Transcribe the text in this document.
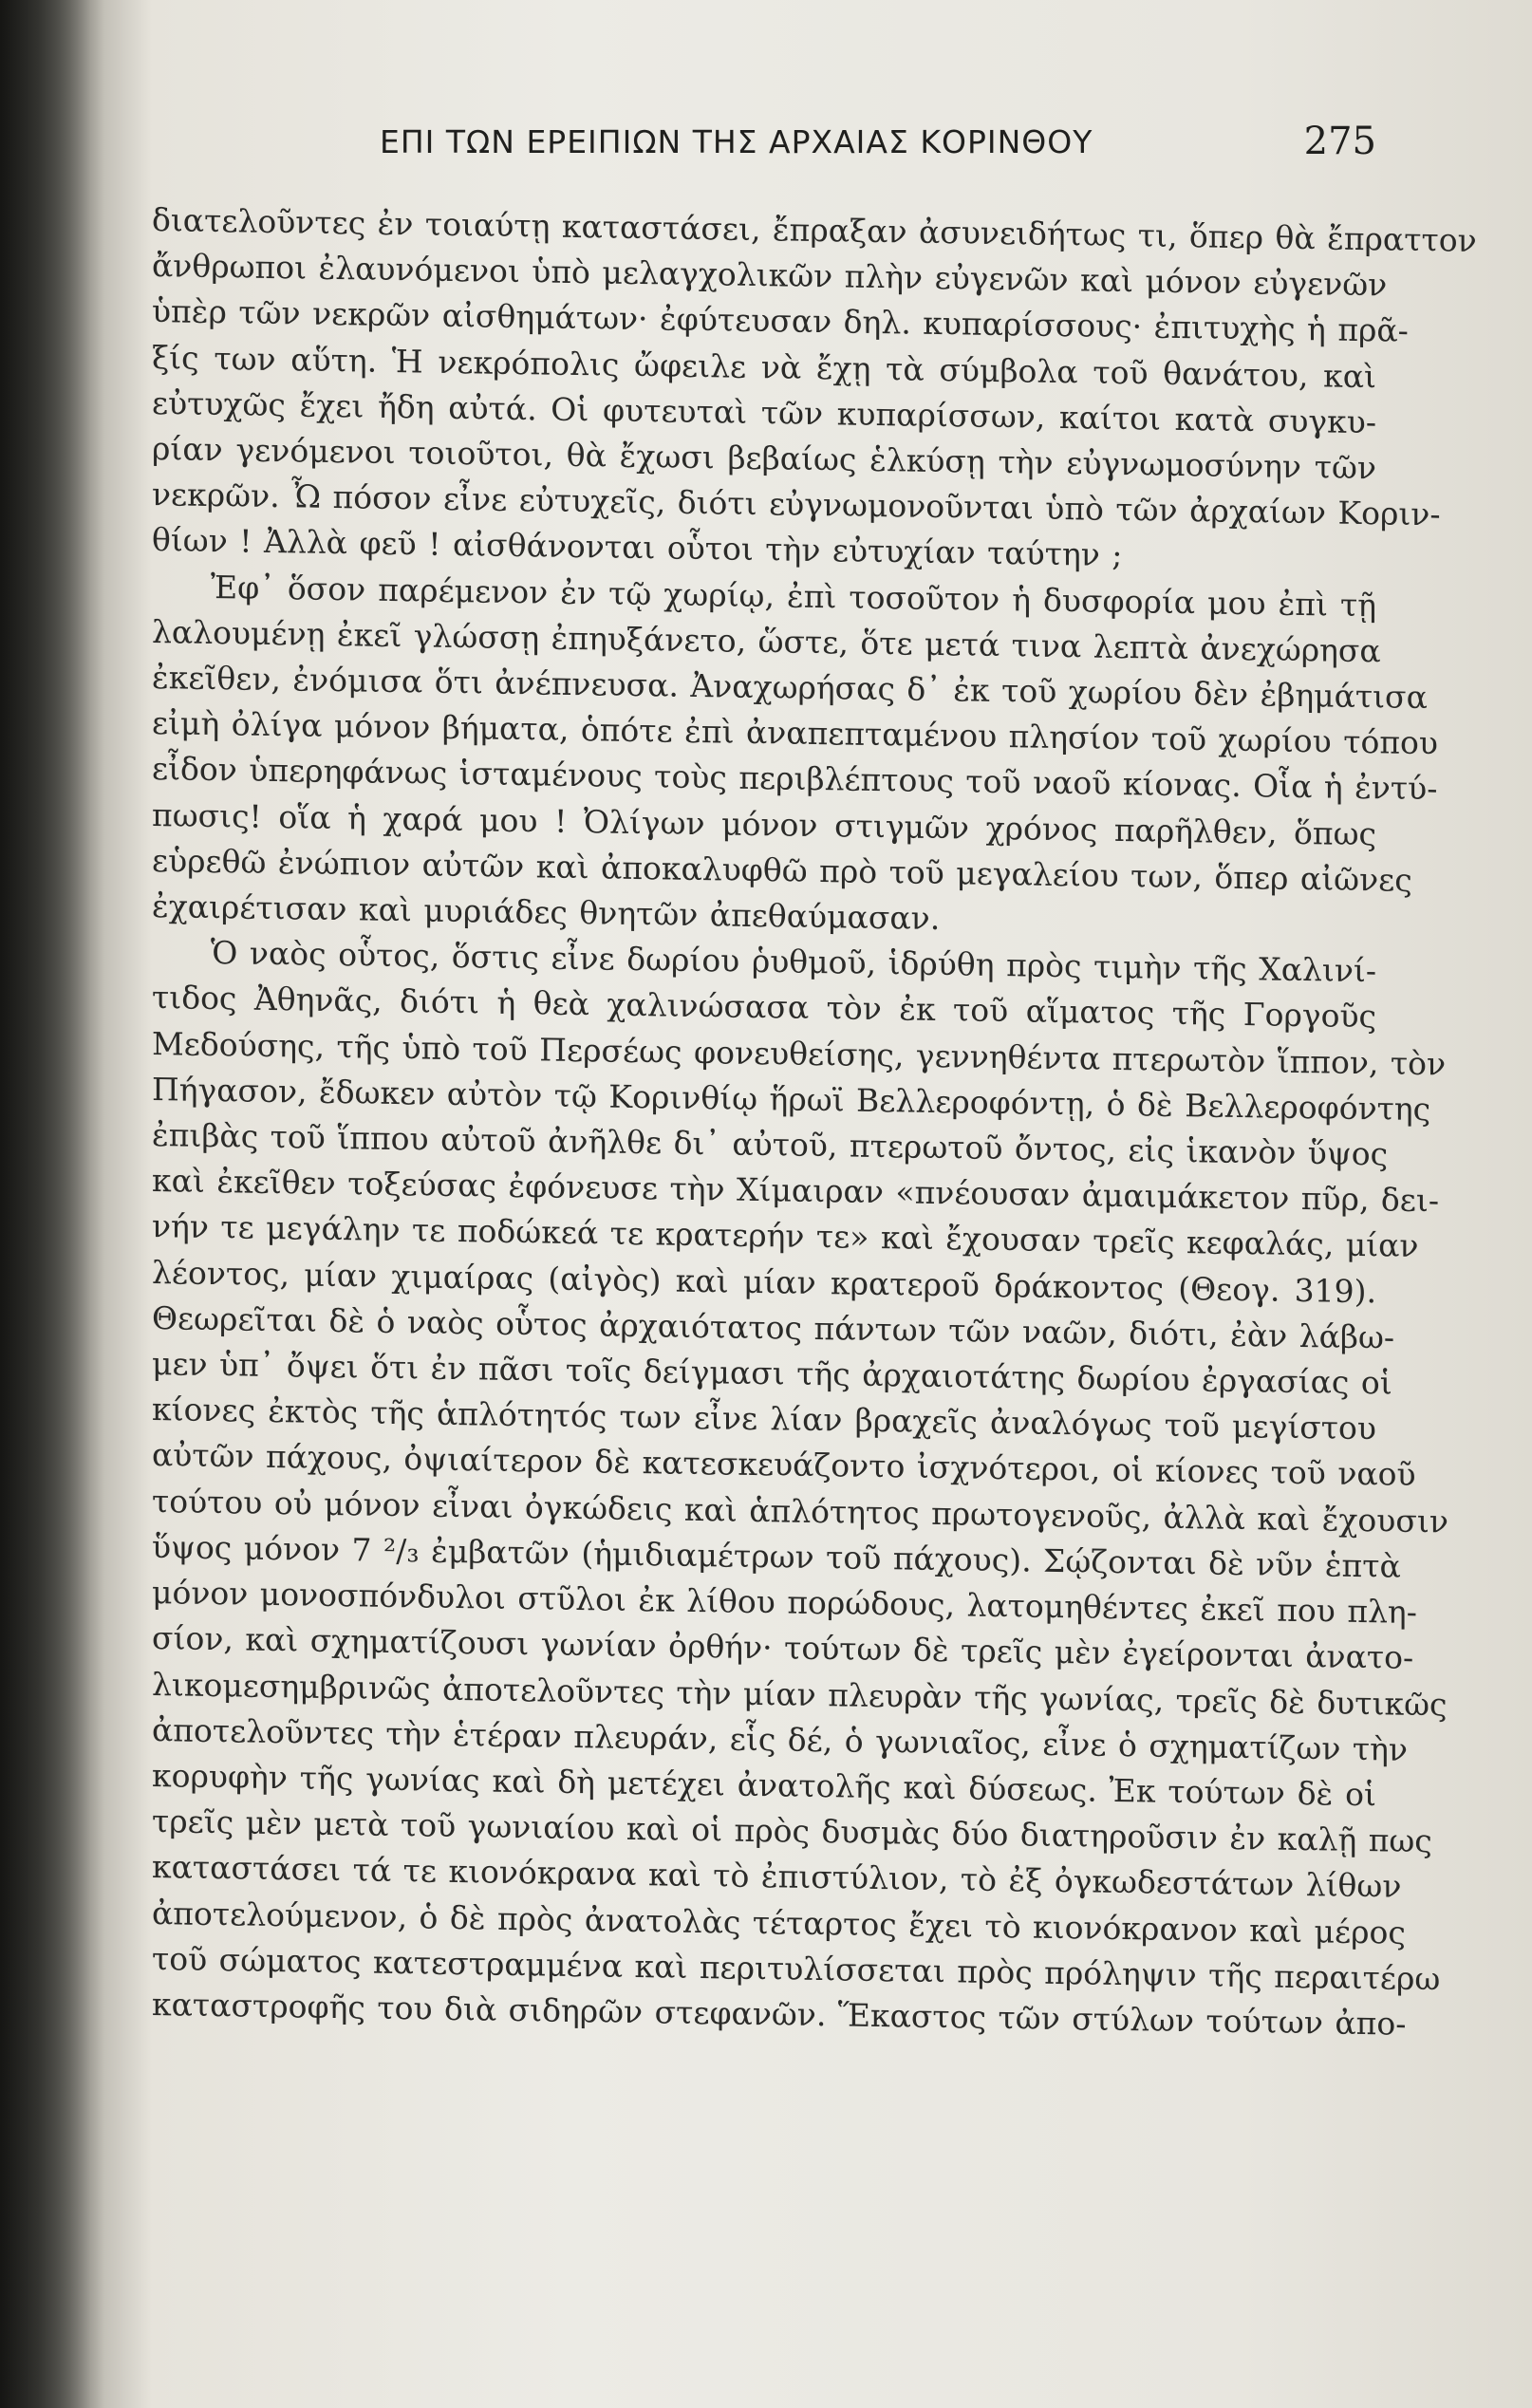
ΕΠΙ ΤΩΝ ΕΡΕΙΠΙΩΝ ΤΗΣ ΑΡΧΑΙΑΣ ΚΟΡΙΝΘΟΥ	275
διατελοῦντες ἐν τοιαύτῃ καταστάσει, ἔπραξαν ἀσυνειδήτως τι, ὅπερ θὰ ἔπραττον
ἄνθρωποι ἐλαυνόμενοι ὑπὸ μελαγχολικῶν πλὴν εὐγενῶν καὶ μόνον εὐγενῶν
ὑπὲρ τῶν νεκρῶν αἰσθημάτων· ἐφύτευσαν δηλ. κυπαρίσσους· ἐπιτυχὴς ἡ πρᾶ-
ξίς των αὕτη. Ἡ νεκρόπολις ὤφειλε νὰ ἔχῃ τὰ σύμβολα τοῦ θανάτου, καὶ
εὐτυχῶς ἔχει ἤδη αὐτά. Οἱ φυτευταὶ τῶν κυπαρίσσων, καίτοι κατὰ συγκυ-
ρίαν γενόμενοι τοιοῦτοι, θὰ ἔχωσι βεβαίως ἑλκύσῃ τὴν εὐγνωμοσύνην τῶν
νεκρῶν. Ὦ πόσον εἶνε εὐτυχεῖς, διότι εὐγνωμονοῦνται ὑπὸ τῶν ἀρχαίων Κοριν-
θίων ! Ἀλλὰ φεῦ ! αἰσθάνονται οὗτοι τὴν εὐτυχίαν ταύτην ;
Ἐφ᾽ ὅσον παρέμενον ἐν τῷ χωρίῳ, ἐπὶ τοσοῦτον ἡ δυσφορία μου ἐπὶ τῇ
λαλουμένῃ ἐκεῖ γλώσσῃ ἐπηυξάνετο, ὥστε, ὅτε μετά τινα λεπτὰ ἀνεχώρησα
ἐκεῖθεν, ἐνόμισα ὅτι ἀνέπνευσα. Ἀναχωρήσας δ᾽ ἐκ τοῦ χωρίου δὲν ἐβημάτισα
εἰμὴ ὀλίγα μόνον βήματα, ὁπότε ἐπὶ ἀναπεπταμένου πλησίον τοῦ χωρίου τόπου
εἶδον ὑπερηφάνως ἱσταμένους τοὺς περιβλέπτους τοῦ ναοῦ κίονας. Οἷα ἡ ἐντύ-
πωσις! οἵα ἡ χαρά μου ! Ὀλίγων μόνον στιγμῶν χρόνος παρῆλθεν, ὅπως
εὑρεθῶ ἐνώπιον αὐτῶν καὶ ἀποκαλυφθῶ πρὸ τοῦ μεγαλείου των, ὅπερ αἰῶνες
ἐχαιρέτισαν καὶ μυριάδες θνητῶν ἀπεθαύμασαν.
Ὁ ναὸς οὗτος, ὅστις εἶνε δωρίου ῥυθμοῦ, ἱδρύθη πρὸς τιμὴν τῆς Χαλινί-
τιδος Ἀθηνᾶς, διότι ἡ θεὰ χαλινώσασα τὸν ἐκ τοῦ αἵματος τῆς Γοργοῦς
Μεδούσης, τῆς ὑπὸ τοῦ Περσέως φονευθείσης, γεννηθέντα πτερωτὸν ἵππον, τὸν
Πήγασον, ἔδωκεν αὐτὸν τῷ Κορινθίῳ ἥρωϊ Βελλεροφόντῃ, ὁ δὲ Βελλεροφόντης
ἐπιβὰς τοῦ ἵππου αὐτοῦ ἀνῆλθε δι᾽ αὐτοῦ, πτερωτοῦ ὄντος, εἰς ἱκανὸν ὕψος
καὶ ἐκεῖθεν τοξεύσας ἐφόνευσε τὴν Χίμαιραν «πνέουσαν ἀμαιμάκετον πῦρ, δει-
νήν τε μεγάλην τε ποδώκεά τε κρατερήν τε» καὶ ἔχουσαν τρεῖς κεφαλάς, μίαν
λέοντος, μίαν χιμαίρας (αἰγὸς) καὶ μίαν κρατεροῦ δράκοντος (Θεογ. 319).
Θεωρεῖται δὲ ὁ ναὸς οὗτος ἀρχαιότατος πάντων τῶν ναῶν, διότι, ἐὰν λάβω-
μεν ὑπ᾽ ὄψει ὅτι ἐν πᾶσι τοῖς δείγμασι τῆς ἀρχαιοτάτης δωρίου ἐργασίας οἱ
κίονες ἐκτὸς τῆς ἁπλότητός των εἶνε λίαν βραχεῖς ἀναλόγως τοῦ μεγίστου
αὐτῶν πάχους, ὀψιαίτερον δὲ κατεσκευάζοντο ἰσχνότεροι, οἱ κίονες τοῦ ναοῦ
τούτου οὐ μόνον εἶναι ὀγκώδεις καὶ ἁπλότητος πρωτογενοῦς, ἀλλὰ καὶ ἔχουσιν
ὕψος μόνον 7 ²/₃ ἐμβατῶν (ἡμιδιαμέτρων τοῦ πάχους). Σῴζονται δὲ νῦν ἑπτὰ
μόνον μονοσπόνδυλοι στῦλοι ἐκ λίθου πορώδους, λατομηθέντες ἐκεῖ που πλη-
σίον, καὶ σχηματίζουσι γωνίαν ὀρθήν· τούτων δὲ τρεῖς μὲν ἐγείρονται ἀνατο-
λικομεσημβρινῶς ἀποτελοῦντες τὴν μίαν πλευρὰν τῆς γωνίας, τρεῖς δὲ δυτικῶς
ἀποτελοῦντες τὴν ἑτέραν πλευράν, εἷς δέ, ὁ γωνιαῖος, εἶνε ὁ σχηματίζων τὴν
κορυφὴν τῆς γωνίας καὶ δὴ μετέχει ἀνατολῆς καὶ δύσεως. Ἐκ τούτων δὲ οἱ
τρεῖς μὲν μετὰ τοῦ γωνιαίου καὶ οἱ πρὸς δυσμὰς δύο διατηροῦσιν ἐν καλῇ πως
καταστάσει τά τε κιονόκρανα καὶ τὸ ἐπιστύλιον, τὸ ἐξ ὀγκωδεστάτων λίθων
ἀποτελούμενον, ὁ δὲ πρὸς ἀνατολὰς τέταρτος ἔχει τὸ κιονόκρανον καὶ μέρος
τοῦ σώματος κατεστραμμένα καὶ περιτυλίσσεται πρὸς πρόληψιν τῆς περαιτέρω
καταστροφῆς του διὰ σιδηρῶν στεφανῶν. Ἕκαστος τῶν στύλων τούτων ἀπο-
